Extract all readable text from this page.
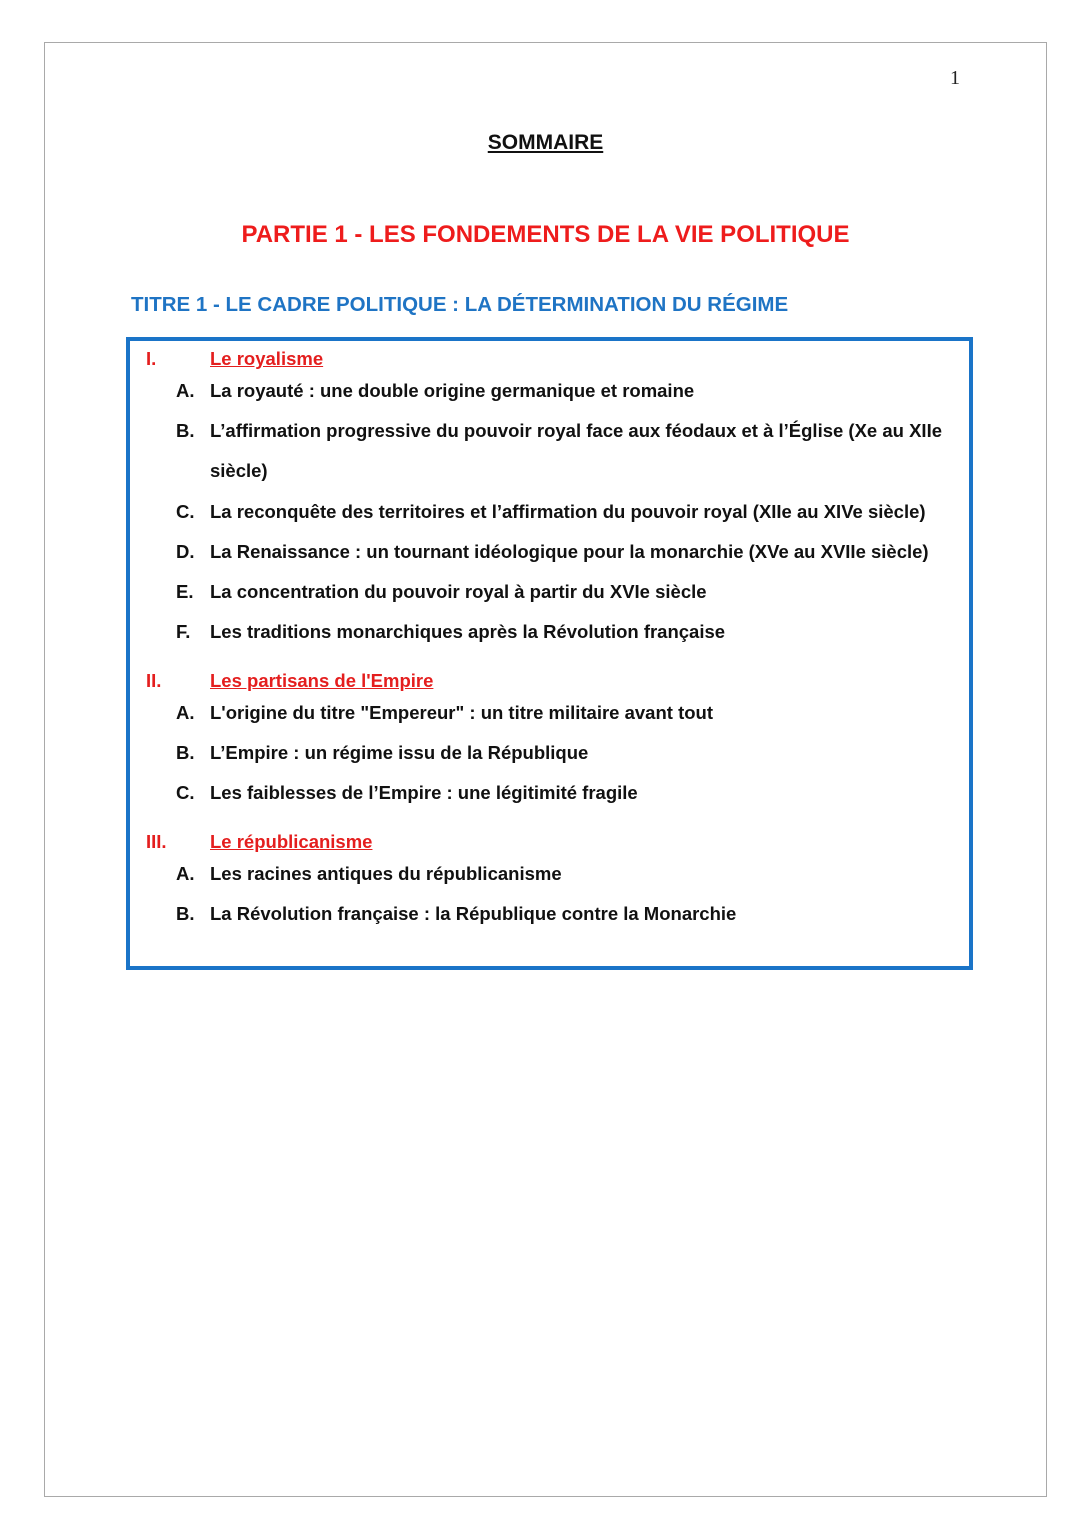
1
SOMMAIRE
PARTIE 1 - LES FONDEMENTS DE LA VIE POLITIQUE
TITRE 1 - LE CADRE POLITIQUE : LA DÉTERMINATION DU RÉGIME
I.	Le royalisme
A. La royauté : une double origine germanique et romaine
B. L’affirmation progressive du pouvoir royal face aux féodaux et à l’Église (Xe au XIIe siècle)
C. La reconquête des territoires et l’affirmation du pouvoir royal (XIIe au XIVe siècle)
D. La Renaissance : un tournant idéologique pour la monarchie (XVe au XVIIe siècle)
E. La concentration du pouvoir royal à partir du XVIe siècle
F.	Les traditions monarchiques après la Révolution française
II.	Les partisans de l'Empire
A. L'origine du titre "Empereur" : un titre militaire avant tout
B. L’Empire : un régime issu de la République
C. Les faiblesses de l’Empire : une légitimité fragile
III.	Le républicanisme
A. Les racines antiques du républicanisme
B. La Révolution française : la République contre la Monarchie
